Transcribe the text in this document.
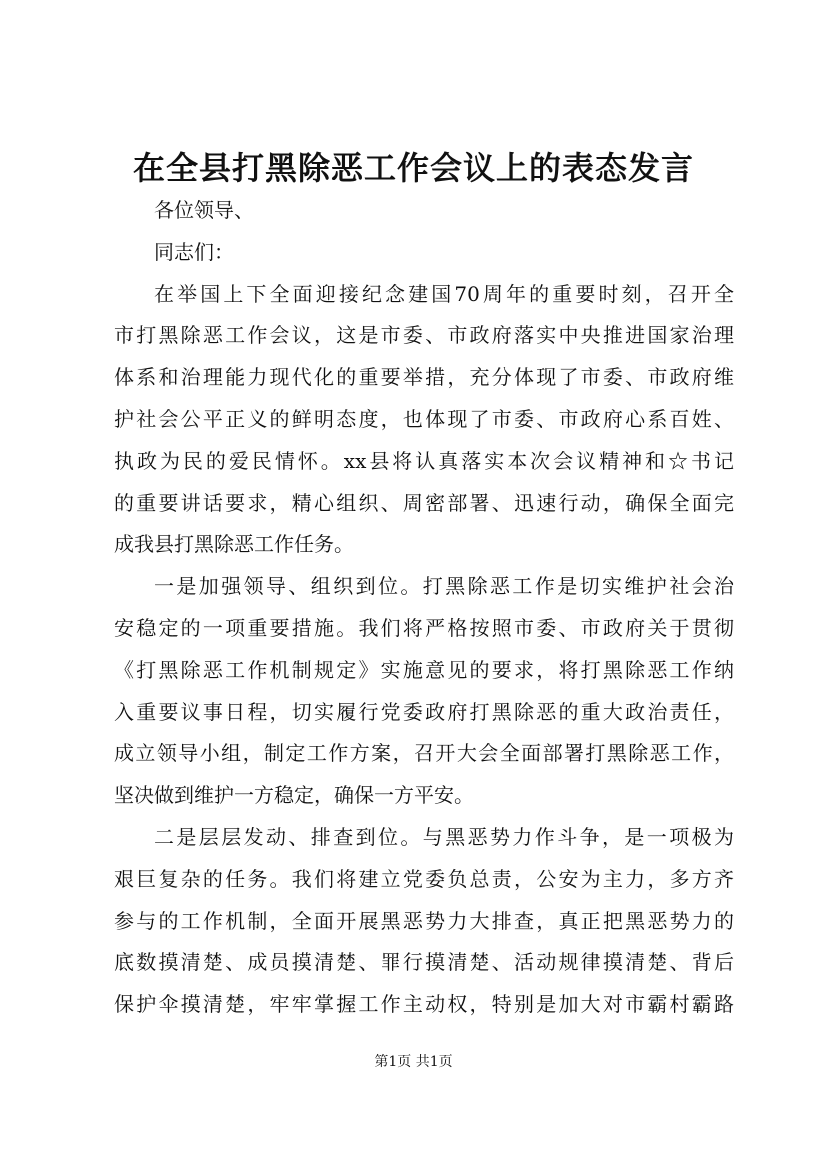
在全县打黑除恶工作会议上的表态发言
各位领导、
同志们：
在举国上下全面迎接纪念建国70周年的重要时刻，召开全
市打黑除恶工作会议，这是市委、市政府落实中央推进国家治理
体系和治理能力现代化的重要举措，充分体现了市委、市政府维
护社会公平正义的鲜明态度，也体现了市委、市政府心系百姓、
执政为民的爱民情怀。xx县将认真落实本次会议精神和☆书记
的重要讲话要求，精心组织、周密部署、迅速行动，确保全面完
成我县打黑除恶工作任务。
一是加强领导、组织到位。打黑除恶工作是切实维护社会治
安稳定的一项重要措施。我们将严格按照市委、市政府关于贯彻
《打黑除恶工作机制规定》实施意见的要求，将打黑除恶工作纳
入重要议事日程，切实履行党委政府打黑除恶的重大政治责任，
成立领导小组，制定工作方案，召开大会全面部署打黑除恶工作，
坚决做到维护一方稳定，确保一方平安。
二是层层发动、排查到位。与黑恶势力作斗争，是一项极为
艰巨复杂的任务。我们将建立党委负总责，公安为主力，多方齐
参与的工作机制，全面开展黑恶势力大排查，真正把黑恶势力的
底数摸清楚、成员摸清楚、罪行摸清楚、活动规律摸清楚、背后
保护伞摸清楚，牢牢掌握工作主动权，特别是加大对市霸村霸路
第1页 共1页
